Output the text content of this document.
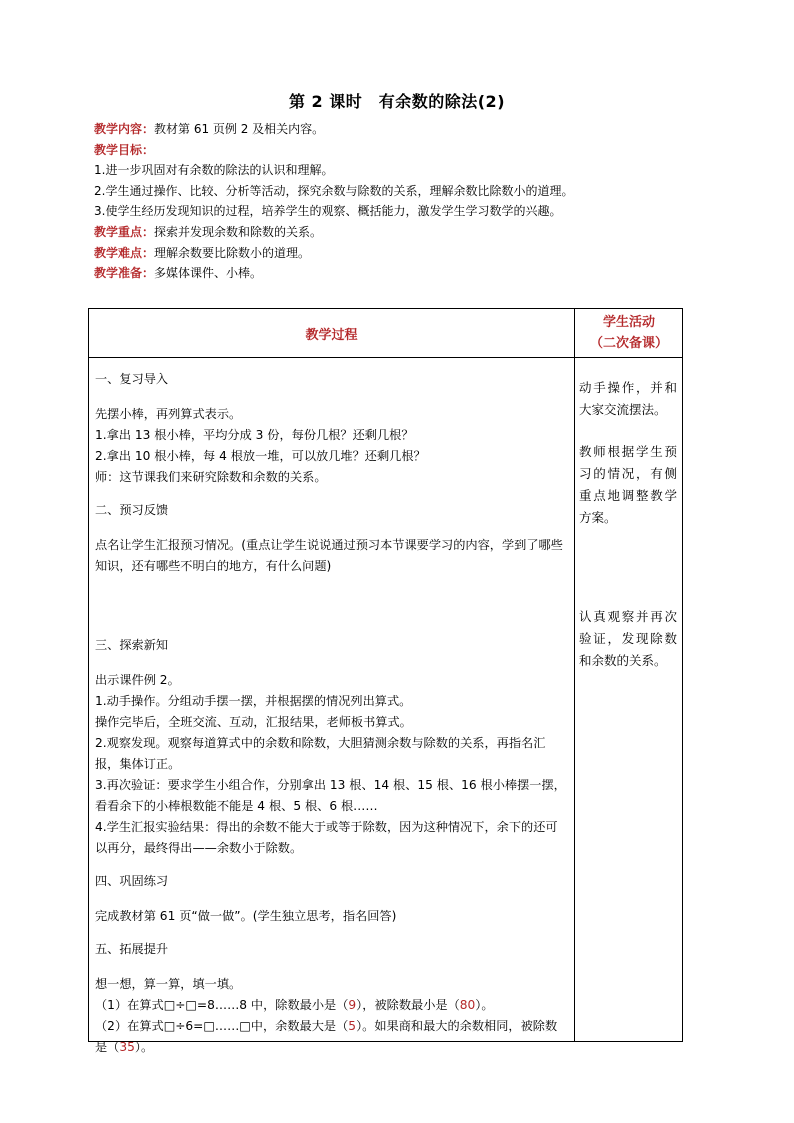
第 2 课时　有余数的除法(2)
教学内容：教材第 61 页例 2 及相关内容。
教学目标：
1.进一步巩固对有余数的除法的认识和理解。
2.学生通过操作、比较、分析等活动，探究余数与除数的关系，理解余数比除数小的道理。
3.使学生经历发现知识的过程，培养学生的观察、概括能力，激发学生学习数学的兴趣。
教学重点：探索并发现余数和除数的关系。
教学难点：理解余数要比除数小的道理。
教学准备：多媒体课件、小棒。
教学过程
学生活动
（二次备课）

一、复习导入

先摆小棒，再列算式表示。

1.拿出 13 根小棒，平均分成 3 份，每份几根？还剩几根？

2.拿出 10 根小棒，每 4 根放一堆，可以放几堆？还剩几根？

师：这节课我们来研究除数和余数的关系。

二、预习反馈

点名让学生汇报预习情况。(重点让学生说说通过预习本节课要学习的内容，学到了哪些知识，还有哪些不明白的地方，有什么问题)

三、探索新知

出示课件例 2。

1.动手操作。分组动手摆一摆，并根据摆的情况列出算式。

操作完毕后，全班交流、互动，汇报结果，老师板书算式。

2.观察发现。观察每道算式中的余数和除数，大胆猜测余数与除数的关系，再指名汇报，集体订正。

3.再次验证：要求学生小组合作，分别拿出 13 根、14 根、15 根、16 根小棒摆一摆，看看余下的小棒根数能不能是 4 根、5 根、6 根……

4.学生汇报实验结果：得出的余数不能大于或等于除数，因为这种情况下，余下的还可以再分，最终得出——余数小于除数。

四、巩固练习

完成教材第 61 页“做一做”。(学生独立思考，指名回答)

五、拓展提升

想一想，算一算，填一填。

（1）在算式□÷□=8……8 中，除数最小是（9），被除数最小是（80）。

（2）在算式□÷6=□……□中，余数最大是（5）。如果商和最大的余数相同，被除数是（35）。

动手操作，并和大家交流摆法。
教师根据学生预习的情况，有侧重点地调整教学方案。
认真观察并再次验证，发现除数和余数的关系。
